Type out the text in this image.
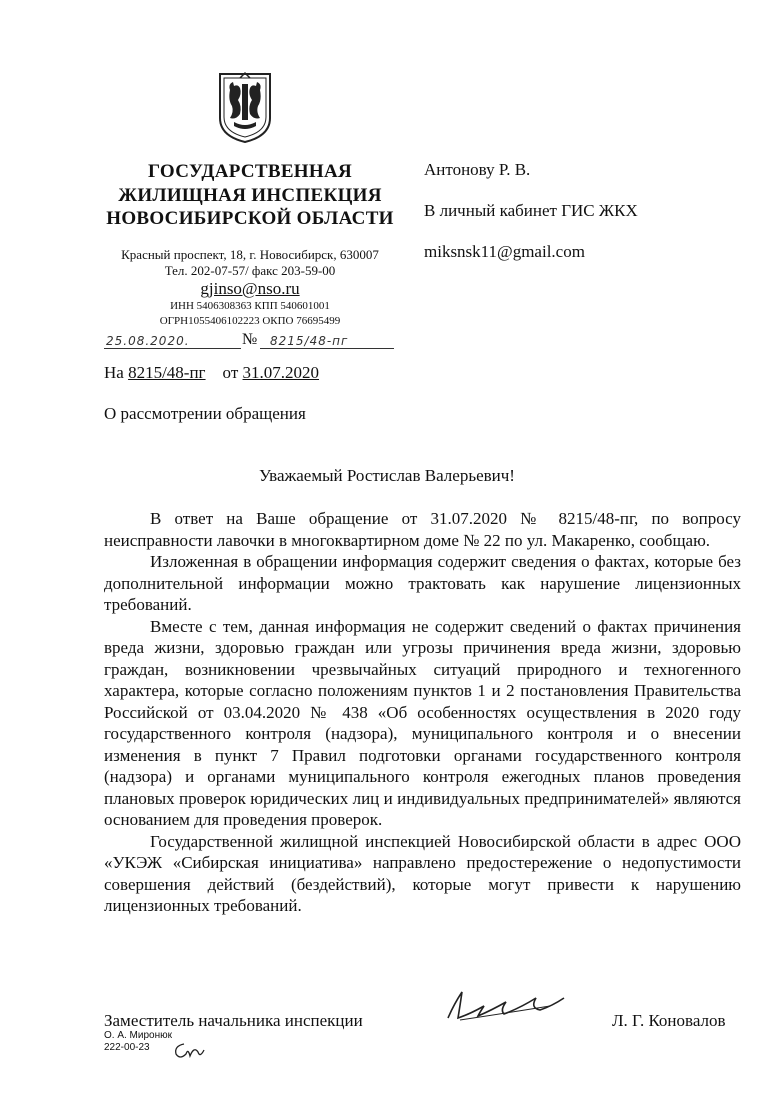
ГОСУДАРСТВЕННАЯ
ЖИЛИЩНАЯ ИНСПЕКЦИЯ
НОВОСИБИРСКОЙ ОБЛАСТИ
Красный проспект, 18, г. Новосибирск, 630007
Тел. 202-07-57/ факс 203-59-00
gjinso@nso.ru
ИНН 5406308363 КПП 540601001
ОГРН1055406102223 ОКПО 76695499
25.08.2020.	№	8215/48-пг
На 8215/48-пг от 31.07.2020
Антонову Р. В.
В личный кабинет ГИС ЖКХ
miksnsk11@gmail.com
О рассмотрении обращения
Уважаемый Ростислав Валерьевич!

В ответ на Ваше обращение от 31.07.2020 № 8215/48-пг, по вопросу неисправности лавочки в многоквартирном доме № 22 по ул. Макаренко, сообщаю.

Изложенная в обращении информация содержит сведения о фактах, которые без дополнительной информации можно трактовать как нарушение лицензионных требований.

Вместе с тем, данная информация не содержит сведений о фактах причинения вреда жизни, здоровью граждан или угрозы причинения вреда жизни, здоровью граждан, возникновении чрезвычайных ситуаций природного и техногенного характера, которые согласно положениям пунктов 1 и 2 постановления Правительства Российской от 03.04.2020 № 438 «Об особенностях осуществления в 2020 году государственного контроля (надзора), муниципального контроля и о внесении изменения в пункт 7 Правил подготовки органами государственного контроля (надзора) и органами муниципального контроля ежегодных планов проведения плановых проверок юридических лиц и индивидуальных предпринимателей» являются основанием для проведения проверок.

Государственной жилищной инспекцией Новосибирской области в адрес ООО «УКЭЖ «Сибирская инициатива» направлено предостережение о недопустимости совершения действий (бездействий), которые могут привести к нарушению лицензионных требований.

Заместитель начальника инспекции	Л. Г. Коновалов
О. А. Миронюк
222-00-23
